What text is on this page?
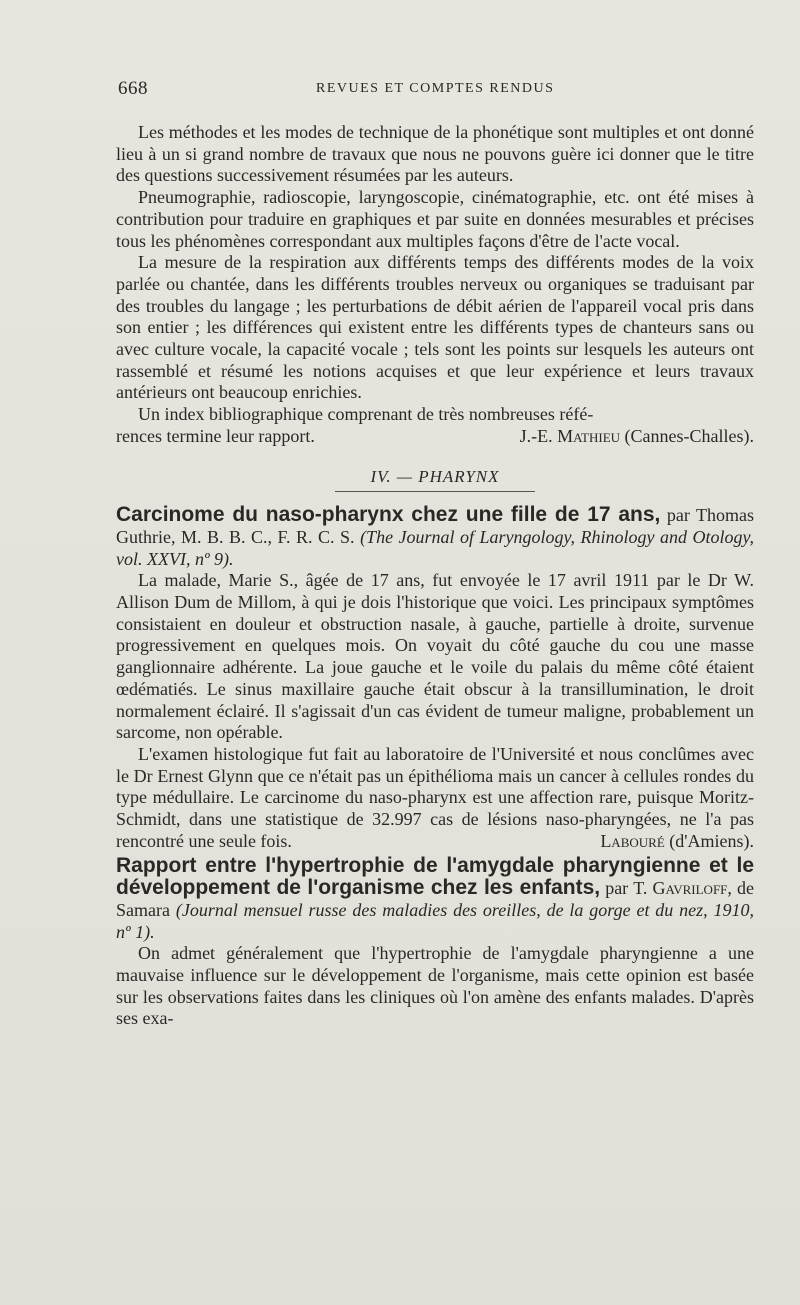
668	REVUES ET COMPTES RENDUS

Les méthodes et les modes de technique de la phonétique sont multiples et ont donné lieu à un si grand nombre de travaux que nous ne pouvons guère ici donner que le titre des questions successivement résumées par les auteurs.

Pneumographie, radioscopie, laryngoscopie, cinématographie, etc. ont été mises à contribution pour traduire en graphiques et par suite en données mesurables et précises tous les phénomènes correspondant aux multiples façons d'être de l'acte vocal.

La mesure de la respiration aux différents temps des différents modes de la voix parlée ou chantée, dans les différents troubles nerveux ou organiques se traduisant par des troubles du langage ; les perturbations de débit aérien de l'appareil vocal pris dans son entier ; les différences qui existent entre les différents types de chanteurs sans ou avec culture vocale, la capacité vocale ; tels sont les points sur lesquels les auteurs ont rassemblé et résumé les notions acquises et que leur expérience et leurs travaux antérieurs ont beaucoup enrichies.

Un index bibliographique comprenant de très nombreuses réfé-

rences termine leur rapport.	J.-E. Mathieu (Cannes-Challes).
IV. — PHARYNX

Carcinome du naso-pharynx chez une fille de 17 ans, par Thomas Guthrie, M. B. B. C., F. R. C. S. (The Journal of Laryngology, Rhinology and Otology, vol. XXVI, nº 9).

La malade, Marie S., âgée de 17 ans, fut envoyée le 17 avril 1911 par le Dr W. Allison Dum de Millom, à qui je dois l'historique que voici. Les principaux symptômes consistaient en douleur et obstruction nasale, à gauche, partielle à droite, survenue progressivement en quelques mois. On voyait du côté gauche du cou une masse ganglionnaire adhérente. La joue gauche et le voile du palais du même côté étaient œdématiés. Le sinus maxillaire gauche était obscur à la transillumination, le droit normalement éclairé. Il s'agissait d'un cas évident de tumeur maligne, probablement un sarcome, non opérable.

L'examen histologique fut fait au laboratoire de l'Université et nous conclûmes avec le Dr Ernest Glynn que ce n'était pas un épithélioma mais un cancer à cellules rondes du type médullaire. Le carcinome du naso-pharynx est une affection rare, puisque Moritz-Schmidt, dans une statistique de 32.997 cas de lésions naso-pharyngées, ne l'a pas rencontré une seule fois.	Labouré (d'Amiens).

Rapport entre l'hypertrophie de l'amygdale pharyngienne et le développement de l'organisme chez les enfants, par T. Gavriloff, de Samara (Journal mensuel russe des maladies des oreilles, de la gorge et du nez, 1910, nº 1).

On admet généralement que l'hypertrophie de l'amygdale pharyngienne a une mauvaise influence sur le développement de l'organisme, mais cette opinion est basée sur les observations faites dans les cliniques où l'on amène des enfants malades. D'après ses exa-
